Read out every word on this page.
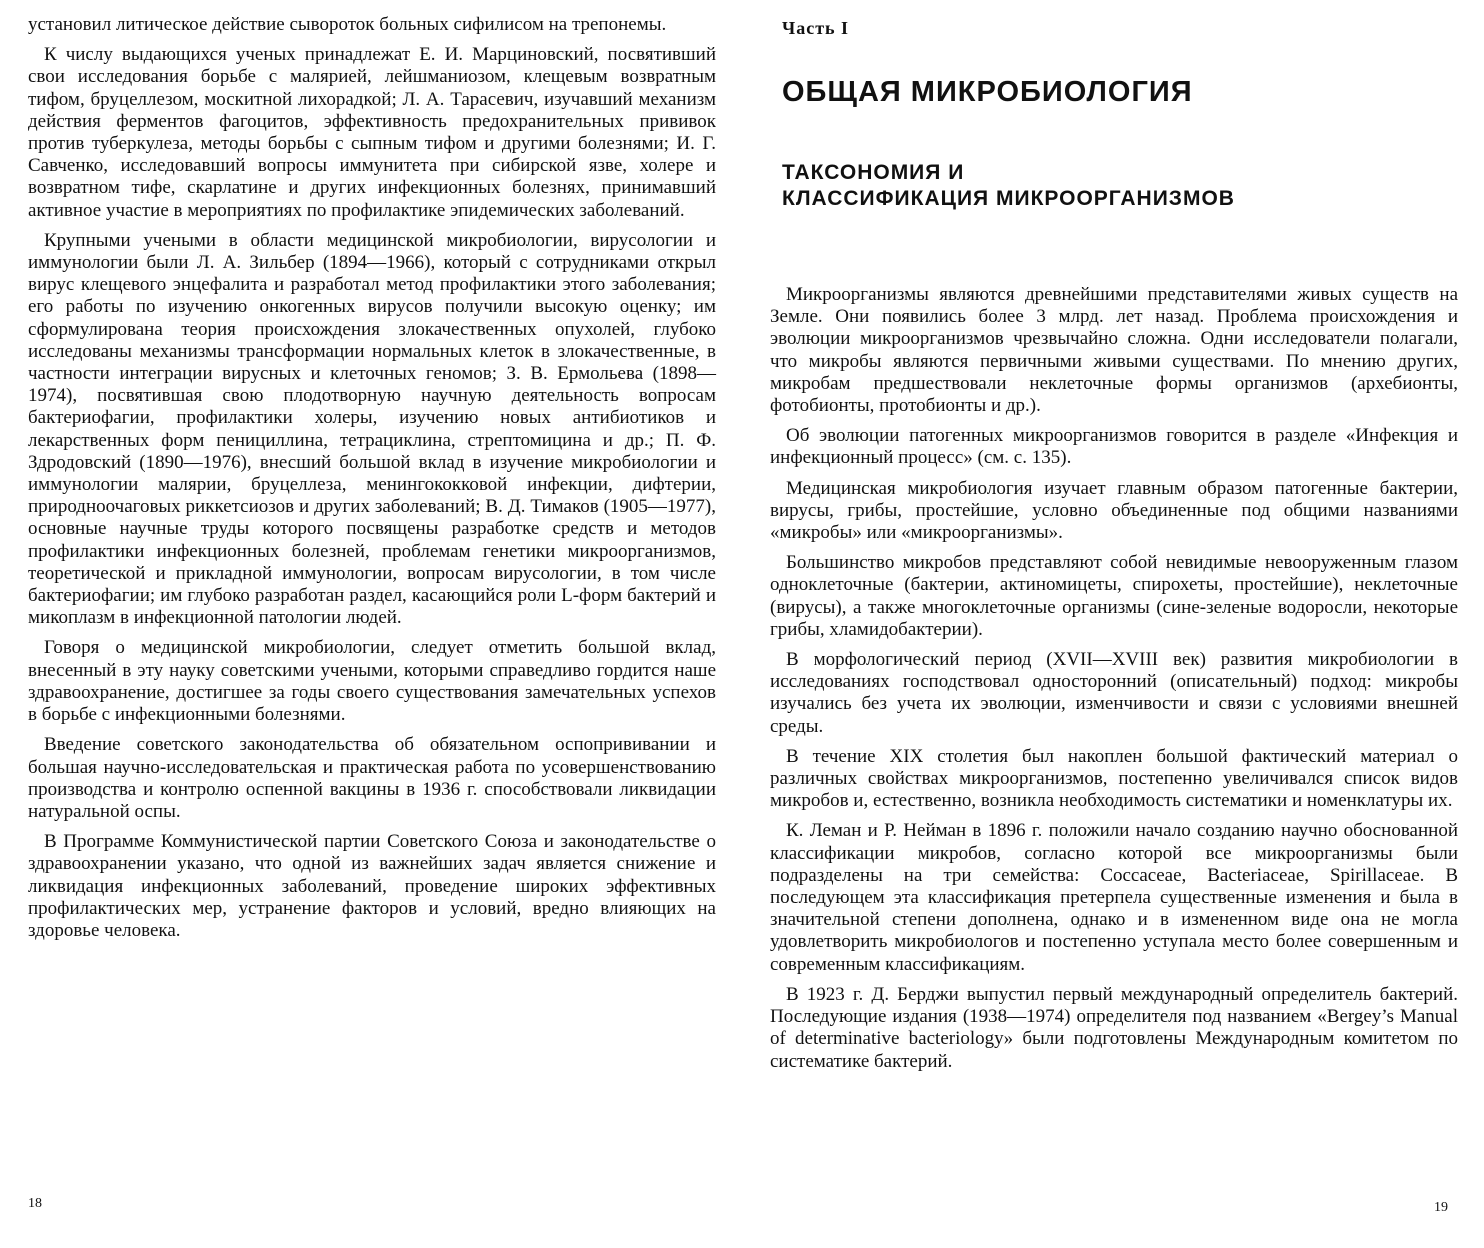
установил литическое действие сывороток больных сифилисом на трепонемы.

К числу выдающихся ученых принадлежат Е. И. Марциновский, посвятивший свои исследования борьбе с малярией, лейшманиозом, клещевым возвратным тифом, бруцеллезом, москитной лихорадкой; Л. А. Тарасевич, изучавший механизм действия ферментов фагоцитов, эффективность предохранительных прививок против туберкулеза, методы борьбы с сыпным тифом и другими болезнями; И. Г. Савченко, исследовавший вопросы иммунитета при сибирской язве, холере и возвратном тифе, скарлатине и других инфекционных болезнях, принимавший активное участие в мероприятиях по профилактике эпидемических заболеваний.

Крупными учеными в области медицинской микробиологии, вирусологии и иммунологии были Л. А. Зильбер (1894—1966), который с сотрудниками открыл вирус клещевого энцефалита и разработал метод профилактики этого заболевания; его работы по изучению онкогенных вирусов получили высокую оценку; им сформулирована теория происхождения злокачественных опухолей, глубоко исследованы механизмы трансформации нормальных клеток в злокачественные, в частности интеграции вирусных и клеточных геномов; З. В. Ермольева (1898—1974), посвятившая свою плодотворную научную деятельность вопросам бактериофагии, профилактики холеры, изучению новых антибиотиков и лекарственных форм пенициллина, тетрациклина, стрептомицина и др.; П. Ф. Здродовский (1890—1976), внесший большой вклад в изучение микробиологии и иммунологии малярии, бруцеллеза, менингококковой инфекции, дифтерии, природноочаговых риккетсиозов и других заболеваний; В. Д. Тимаков (1905—1977), основные научные труды которого посвящены разработке средств и методов профилактики инфекционных болезней, проблемам генетики микроорганизмов, теоретической и прикладной иммунологии, вопросам вирусологии, в том числе бактериофагии; им глубоко разработан раздел, касающийся роли L-форм бактерий и микоплазм в инфекционной патологии людей.

Говоря о медицинской микробиологии, следует отметить большой вклад, внесенный в эту науку советскими учеными, которыми справедливо гордится наше здравоохранение, достигшее за годы своего существования замечательных успехов в борьбе с инфекционными болезнями.

Введение советского законодательства об обязательном оспопрививании и большая научно-исследовательская и практическая работа по усовершенствованию производства и контролю оспенной вакцины в 1936 г. способствовали ликвидации натуральной оспы.

В Программе Коммунистической партии Советского Союза и законодательстве о здравоохранении указано, что одной из важнейших задач является снижение и ликвидация инфекционных заболеваний, проведение широких эффективных профилактических мер, устранение факторов и условий, вредно влияющих на здоровье человека.

18
Часть I
ОБЩАЯ МИКРОБИОЛОГИЯ
ТАКСОНОМИЯ И
КЛАССИФИКАЦИЯ МИКРООРГАНИЗМОВ

Микроорганизмы являются древнейшими представителями живых существ на Земле. Они появились более 3 млрд. лет назад. Проблема происхождения и эволюции микроорганизмов чрезвычайно сложна. Одни исследователи полагали, что микробы являются первичными живыми существами. По мнению других, микробам предшествовали неклеточные формы организмов (архебионты, фотобионты, протобионты и др.).

Об эволюции патогенных микроорганизмов говорится в разделе «Инфекция и инфекционный процесс» (см. с. 135).

Медицинская микробиология изучает главным образом патогенные бактерии, вирусы, грибы, простейшие, условно объединенные под общими названиями «микробы» или «микроорганизмы».

Большинство микробов представляют собой невидимые невооруженным глазом одноклеточные (бактерии, актиномицеты, спирохеты, простейшие), неклеточные (вирусы), а также многоклеточные организмы (сине-зеленые водоросли, некоторые грибы, хламидобактерии).

В морфологический период (XVII—XVIII век) развития микробиологии в исследованиях господствовал односторонний (описательный) подход: микробы изучались без учета их эволюции, изменчивости и связи с условиями внешней среды.

В течение XIX столетия был накоплен большой фактический материал о различных свойствах микроорганизмов, постепенно увеличивался список видов микробов и, естественно, возникла необходимость систематики и номенклатуры их.

К. Леман и Р. Нейман в 1896 г. положили начало созданию научно обоснованной классификации микробов, согласно которой все микроорганизмы были подразделены на три семейства: Coccaceae, Bacteriaceae, Spirillaceae. В последующем эта классификация претерпела существенные изменения и была в значительной степени дополнена, однако и в измененном виде она не могла удовлетворить микробиологов и постепенно уступала место более совершенным и современным классификациям.

В 1923 г. Д. Берджи выпустил первый международный определитель бактерий. Последующие издания (1938—1974) определителя под названием «Bergey’s Manual of determinative bacteriology» были подготовлены Международным комитетом по систематике бактерий.

19
